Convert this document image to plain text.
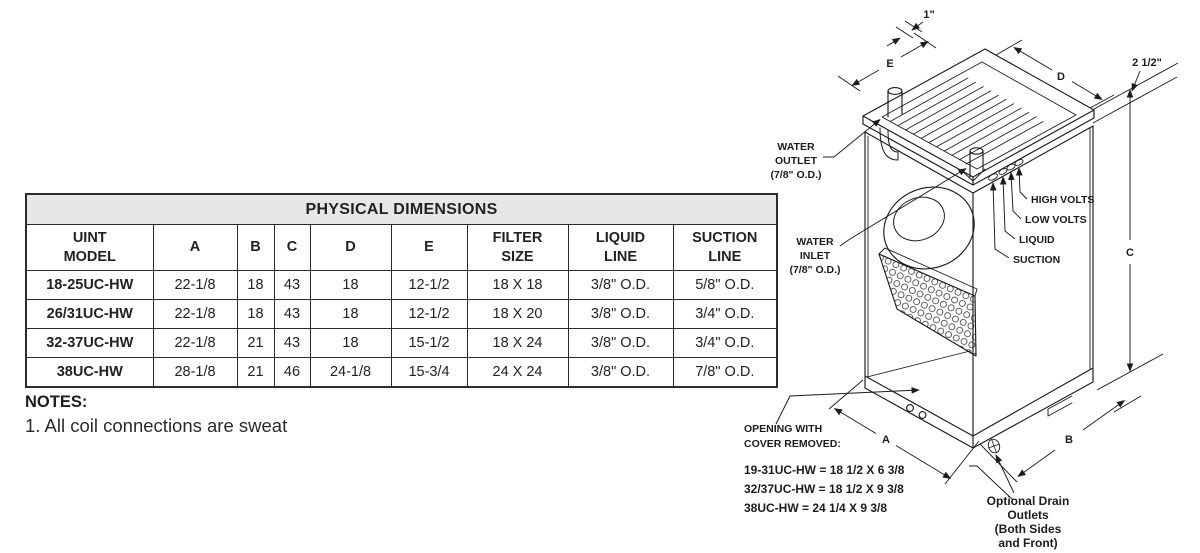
PHYSICAL DIMENSIONS								
UINT MODEL	A	B	C	D	E	FILTER SIZE	LIQUID LINE	SUCTION LINE
18-25UC-HW	22-1/8	18	43	18	12-1/2	18 X 18	3/8" O.D.	5/8" O.D.
26/31UC-HW	22-1/8	18	43	18	12-1/2	18 X 20	3/8" O.D.	3/4" O.D.
32-37UC-HW	22-1/8	21	43	18	15-1/2	18 X 24	3/8" O.D.	3/4" O.D.
38UC-HW	28-1/8	21	46	24-1/8	15-3/4	24 X 24	3/8" O.D.	7/8" O.D.
NOTES:
1. All coil connections are sweat
1"
E
D
2 1/2"
C
A	B
WATER
OUTLET
(7/8" O.D.)
WATER
INLET
(7/8" O.D.)
HIGH VOLTS
LOW VOLTS
LIQUID
SUCTION
OPENING WITH
COVER REMOVED:
19-31UC-HW = 18 1/2 X 6 3/8
32/37UC-HW = 18 1/2 X 9 3/8
38UC-HW = 24 1/4 X 9 3/8	Optional Drain
Outlets
(Both Sides
and Front)
